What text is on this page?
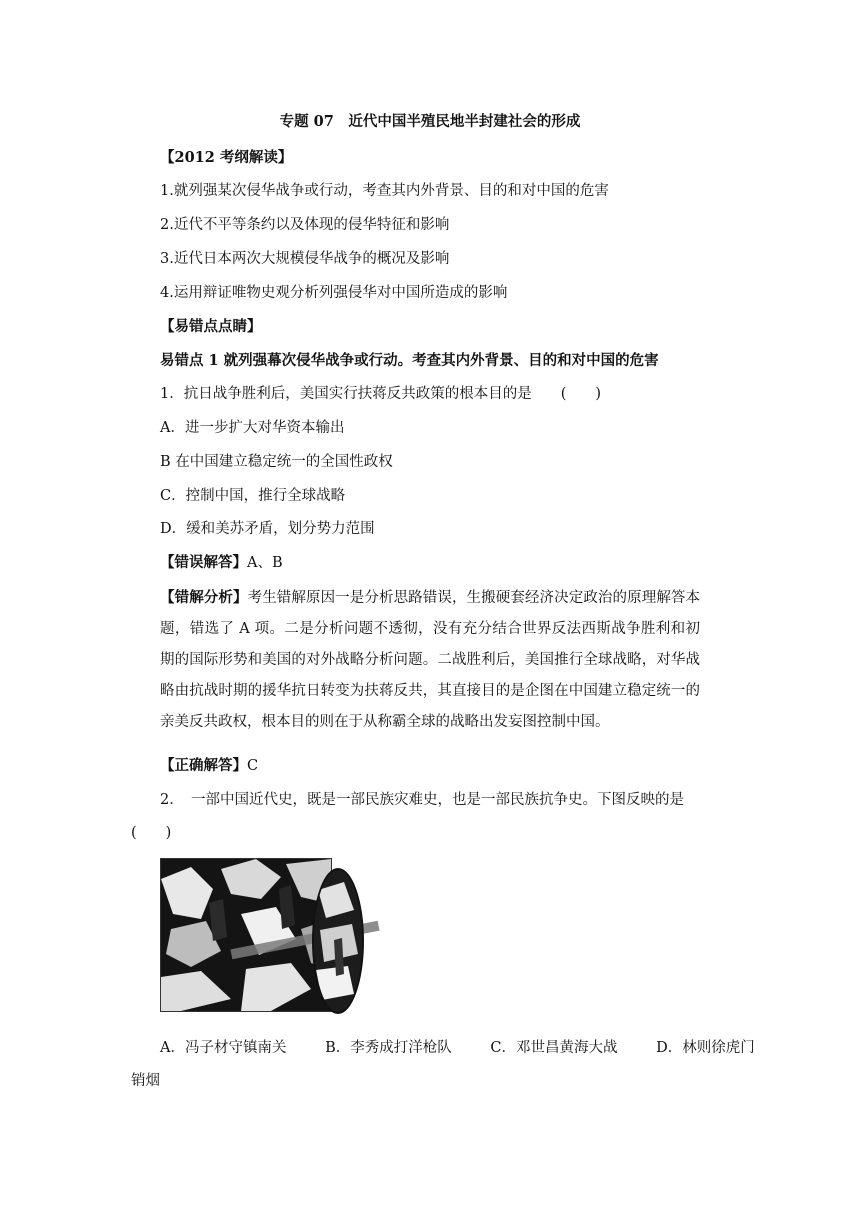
专题 07　近代中国半殖民地半封建社会的形成
【2012 考纲解读】
1.就列强某次侵华战争或行动，考查其内外背景、目的和对中国的危害
2.近代不平等条约以及体现的侵华特征和影响
3.近代日本两次大规模侵华战争的概况及影响
4.运用辩证唯物史观分析列强侵华对中国所造成的影响
【易错点点睛】
易错点 1 就列强幕次侵华战争或行动。考查其内外背景、目的和对中国的危害
1．抗日战争胜利后，美国实行扶蒋反共政策的根本目的是　　(　　)
A．进一步扩大对华资本输出
B 在中国建立稳定统一的全国性政权
C．控制中国，推行全球战略
D．缓和美苏矛盾，划分势力范围
【错误解答】A、B
【错解分析】考生错解原因一是分析思路错误，生搬硬套经济决定政治的原理解答本题，错选了 A 项。二是分析问题不透彻，没有充分结合世界反法西斯战争胜利和初期的国际形势和美国的对外战略分析问题。二战胜利后，美国推行全球战略，对华战略由抗战时期的援华抗日转变为扶蒋反共，其直接目的是企图在中国建立稳定统一的亲美反共政权，根本目的则在于从称霸全球的战略出发妄图控制中国。
【正确解答】C
2．　一部中国近代史，既是一部民族灾难史，也是一部民族抗争史。下图反映的是
(　　)
A．冯子材守镇南关	B．李秀成打洋枪队	C．邓世昌黄海大战	D．林则徐虎门
销烟
